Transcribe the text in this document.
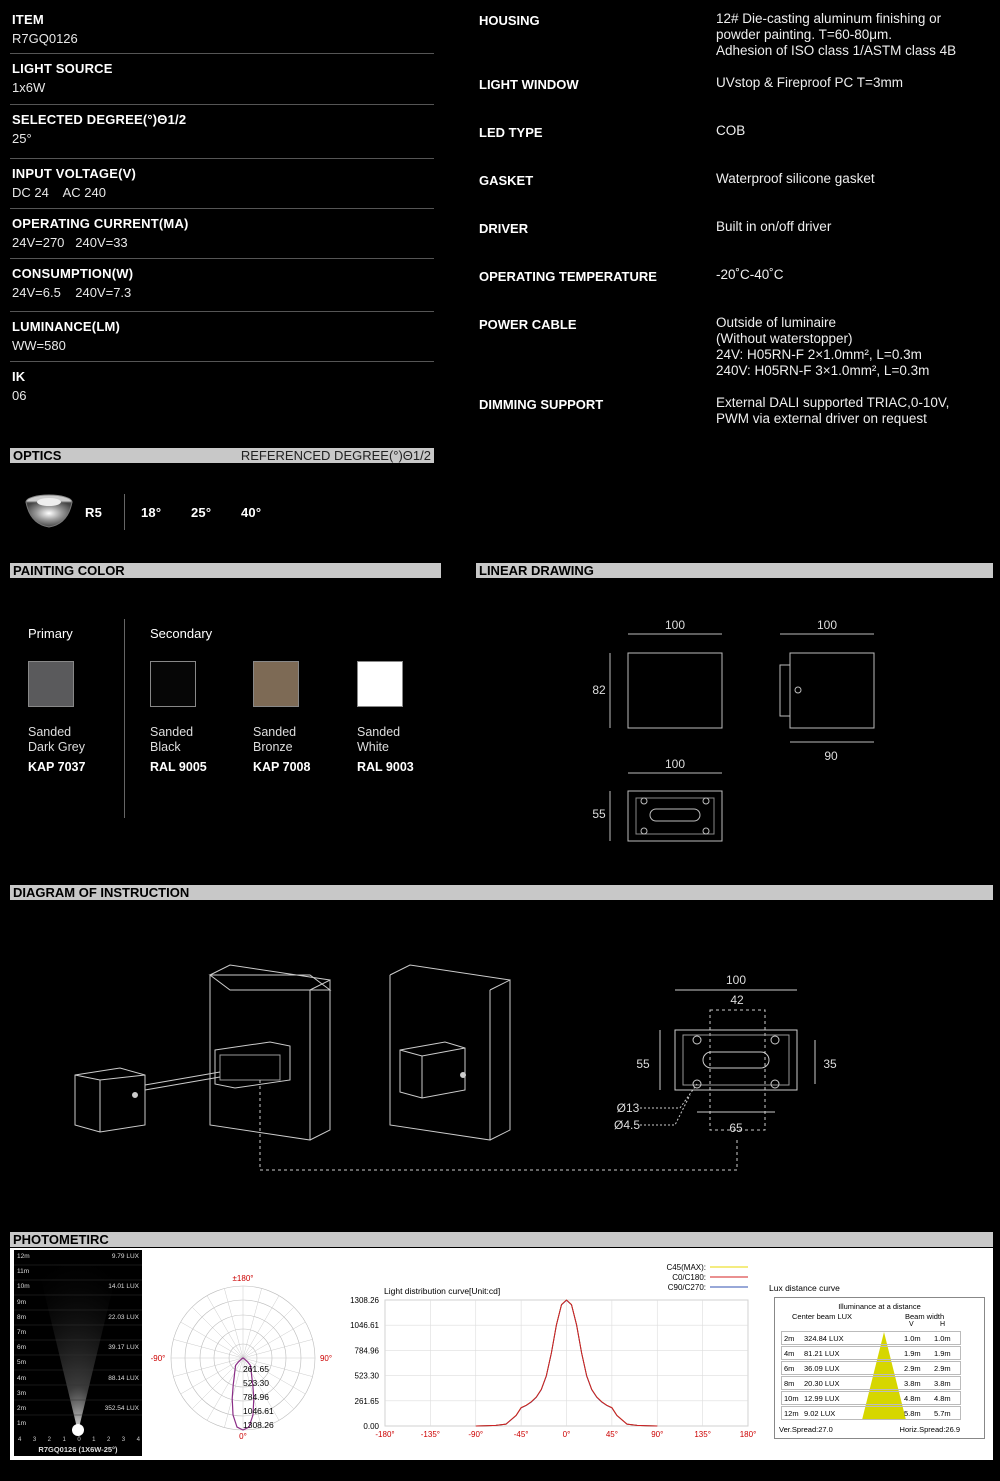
ITEM
R7GQ0126
LIGHT SOURCE
1x6W
SELECTED DEGREE(°)Θ1/2
25°
INPUT VOLTAGE(V)
DC 24    AC 240
OPERATING CURRENT(MA)
24V=270   240V=33
CONSUMPTION(W)
24V=6.5    240V=7.3
LUMINANCE(LM)
WW=580
IK
06
HOUSING	12# Die-casting aluminum finishing or
powder painting. T=60-80μm.
Adhesion of ISO class 1/ASTM class 4B
LIGHT WINDOW	UVstop & Fireproof PC T=3mm
LED TYPE	COB
GASKET	Waterproof silicone gasket
DRIVER	Built in on/off driver
OPERATING TEMPERATURE	-20˚C-40˚C
POWER CABLE	Outside of luminaire
(Without waterstopper)
24V: H05RN-F 2×1.0mm², L=0.3m
240V: H05RN-F 3×1.0mm², L=0.3m
DIMMING SUPPORT	External DALI supported TRIAC,0-10V,
PWM via external driver on request
OPTICS	REFERENCED DEGREE(°)Θ1/2
R5	18° 25° 40°
PAINTING COLOR
Primary	Secondary
Sanded
Dark Grey
KAP 7037
Sanded
Black
RAL 9005
Sanded
Bronze
KAP 7008
Sanded
White
RAL 9003
LINEAR DRAWING
100
82
100
90
100
55
DIAGRAM OF INSTRUCTION
100
42
55	35
Ø13
Ø4.5	65
PHOTOMETIRC
12m	9.79 LUX
11m
10m	14.01 LUX
9m
8m	22.03 LUX
7m
6m	39.17 LUX
5m
4m	88.14 LUX
3m
2m	352.54 LUX
1m
4 3 2 1 0 1 2 3 4
R7GQ0126 (1X6W-25°)
±180°
-90°	90°
0°
261.65
523.30
784.96
1046.61
1308.26
Light distribution curve[Unit:cd]
C45(MAX):
C0/C180:
C90/C270:
1308.26
1046.61
784.96
523.30
261.65
0.00
-180°	-135°	-90°	-45°	0°	45°	90°	135°	180°
Lux distance curve
Illuminance at a distance
Center beam LUX	Beam width
V	H
2m 324.84 LUX	1.0m 1.0m
4m 81.21 LUX	1.9m 1.9m
6m 36.09 LUX	2.9m 2.9m
8m 20.30 LUX	3.8m 3.8m
10m 12.99 LUX	4.8m 4.8m
12m 9.02 LUX	5.8m 5.7m
Ver.Spread:27.0	Horiz.Spread:26.9
